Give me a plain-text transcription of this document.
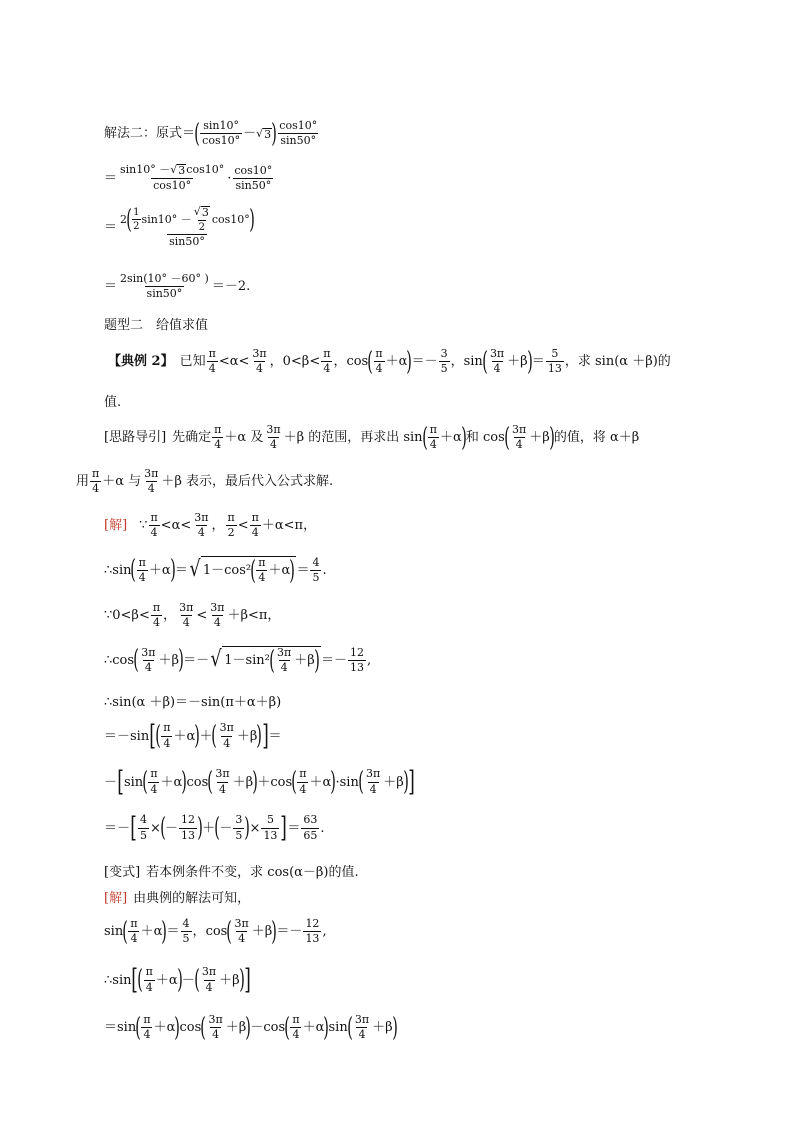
解法二：原式＝ ( sin10°
cos10° － √ 3 ) cos10°
sin50°
＝
sin10° －√ 3 cos10°
cos10°	·
cos10°
sin50°
＝
2 ( 1
2
sin10° －
√ 3
2
cos10° )
sin50°
＝
2sin(10° －60° )
sin50° ＝－2.
题型二　给值求值
【典例 2】 已知
π
4 <α<
3π
4 ，0<β<
π
4 ，cos ( π
4 ＋α ) ＝－
3
5 ，sin ( 3π
4 ＋β ) ＝
5
13 ，求 sin(α ＋β)的
值.
[思路导引] 先确定
π
4 ＋α 及
3π
4 ＋β 的范围，再求出 sin ( π
4 ＋α ) 和 cos ( 3π
4 ＋β ) 的值，将 α＋β
用
π
4 ＋α 与
3π
4 ＋β 表示，最后代入公式求解.
[解] ∵
π
4 <α<
3π
4 ，
π
2 <
π
4 ＋α<π，
∴ sin ( π
4 ＋α ) ＝ √ 1－cos² ( π
4 ＋α ) ＝
4
5 .
∵0<β<
π
4 ，
3π
4 <
3π
4 ＋β<π，
∴ cos ( 3π
4 ＋β ) ＝－ √ 1－sin² ( 3π
4 ＋β ) ＝－
12
13 ,
∴sin(α ＋β)＝－sin(π＋α＋β)
＝－sin [ ( π
4 ＋α ) ＋ ( 3π
4 ＋β ) ] ＝
－ [ sin ( π
4 ＋α ) cos ( 3π
4 ＋β ) ＋ cos ( π
4 ＋α ) · sin ( 3π
4 ＋β ) ]
＝－ [ $\frac{4}{5}$ × ( －
12
13 ) ＋ ( －
3
5 ) × $\frac{5}{13}$ ] ＝
63
65 .
[变式] 若本例条件不变，求 cos(α－β)的值.
[解] 由典例的解法可知，
sin ( π
4 ＋α ) ＝
4
5 ， cos ( 3π
4 ＋β ) ＝－
12
13 ,
∴sin [ ( π
4 ＋α ) － ( 3π
4 ＋β ) ]
＝sin ( π
4 ＋α ) cos ( 3π
4 ＋β ) －cos ( π
4 ＋α ) sin ( 3π
4 ＋β )
